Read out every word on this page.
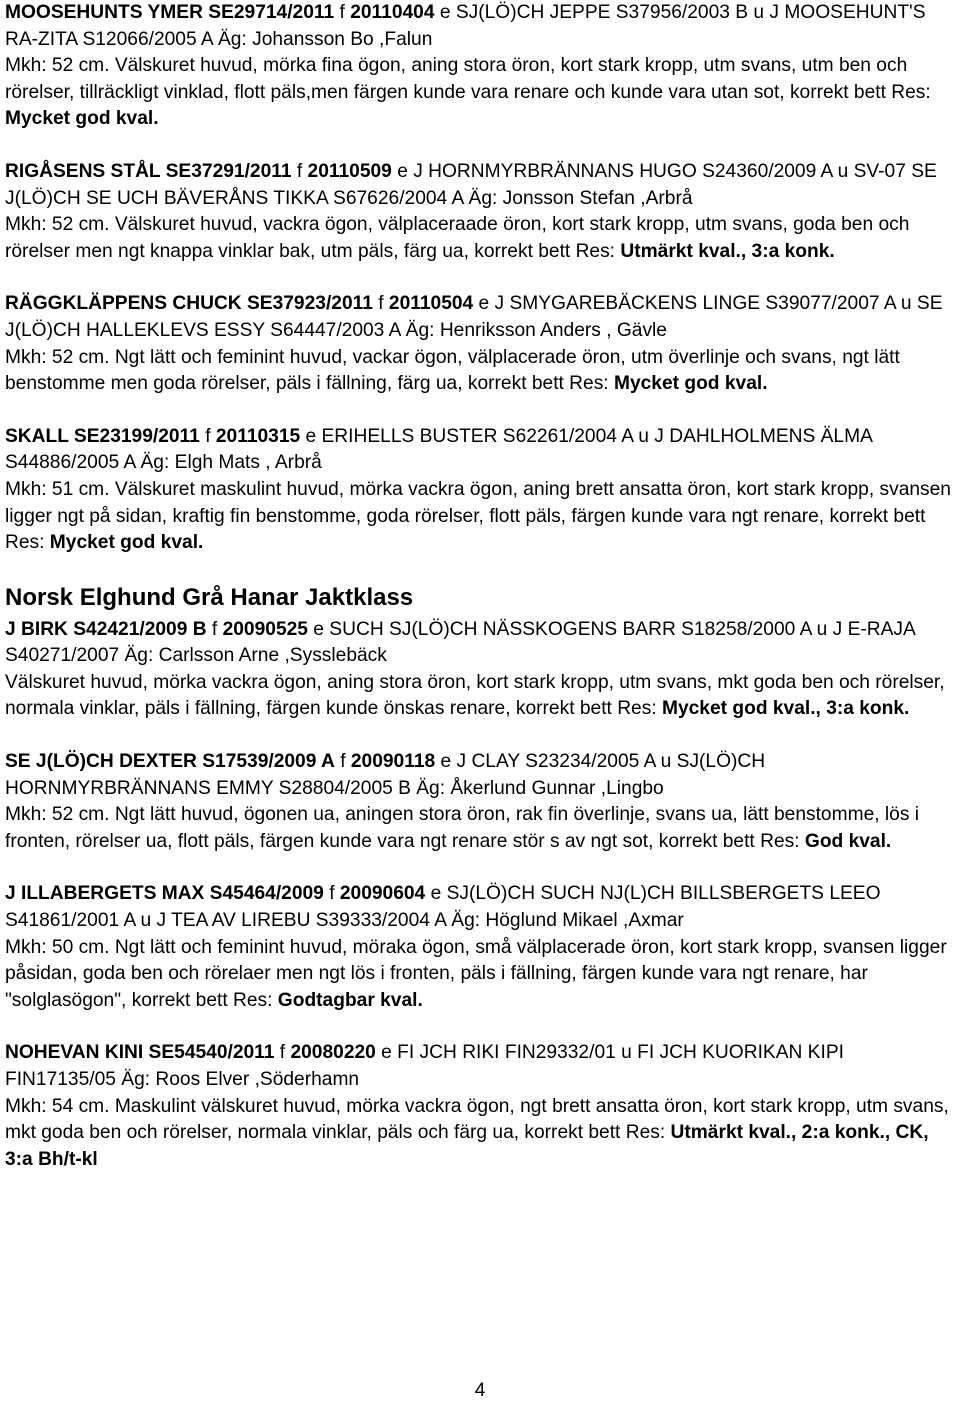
MOOSEHUNTS YMER SE29714/2011 f 20110404 e SJ(LÖ)CH JEPPE S37956/2003 B u J MOOSEHUNT'S RA-ZITA S12066/2005 A Äg: Johansson Bo ,Falun

Mkh: 52 cm. Välskuret huvud, mörka fina ögon, aning stora öron, kort stark kropp, utm svans, utm ben och rörelser, tillräckligt vinklad, flott päls,men färgen kunde vara renare och kunde vara utan sot, korrekt bett Res: Mycket god kval.

RIGÅSENS STÅL SE37291/2011 f 20110509 e J HORNMYRBRÄNNANS HUGO S24360/2009 A u SV-07 SE J(LÖ)CH SE UCH BÄVERÅNS TIKKA S67626/2004 A Äg: Jonsson Stefan ,Arbrå

Mkh: 52 cm. Välskuret huvud, vackra ögon, välplaceraade öron, kort stark kropp, utm svans, goda ben och rörelser men ngt knappa vinklar bak, utm päls, färg ua, korrekt bett Res: Utmärkt kval., 3:a konk.

RÄGGKLÄPPENS CHUCK SE37923/2011 f 20110504 e J SMYGAREBÄCKENS LINGE S39077/2007 A u SE J(LÖ)CH HALLEKLEVS ESSY S64447/2003 A Äg: Henriksson Anders , Gävle

Mkh: 52 cm. Ngt lätt och feminint huvud, vackar ögon, välplacerade öron, utm överlinje och svans, ngt lätt benstomme men goda rörelser, päls i fällning, färg ua, korrekt bett Res: Mycket god kval.

SKALL SE23199/2011 f 20110315 e ERIHELLS BUSTER S62261/2004 A u J DAHLHOLMENS ÄLMA S44886/2005 A Äg: Elgh Mats , Arbrå

Mkh: 51 cm. Välskuret maskulint huvud, mörka vackra ögon, aning brett ansatta öron, kort stark kropp, svansen ligger ngt på sidan, kraftig fin benstomme, goda rörelser, flott päls, färgen kunde vara ngt renare, korrekt bett Res: Mycket god kval.

Norsk Elghund Grå Hanar Jaktklass

J BIRK S42421/2009 B f 20090525 e SUCH SJ(LÖ)CH NÄSSKOGENS BARR S18258/2000 A u J E-RAJA S40271/2007 Äg: Carlsson Arne ,Sysslebäck

Välskuret huvud, mörka vackra ögon, aning stora öron, kort stark kropp, utm svans, mkt goda ben och rörelser, normala vinklar, päls i fällning, färgen kunde önskas renare, korrekt bett Res: Mycket god kval., 3:a konk.

SE J(LÖ)CH DEXTER S17539/2009 A f 20090118 e J CLAY S23234/2005 A u SJ(LÖ)CH HORNMYRBRÄNNANS EMMY S28804/2005 B Äg: Åkerlund Gunnar ,Lingbo

Mkh: 52 cm. Ngt lätt huvud, ögonen ua, aningen stora öron, rak fin överlinje, svans ua, lätt benstomme, lös i fronten, rörelser ua, flott päls, färgen kunde vara ngt renare stör s av ngt sot, korrekt bett Res: God kval.

J ILLABERGETS MAX S45464/2009 f 20090604 e SJ(LÖ)CH SUCH NJ(L)CH BILLSBERGETS LEEO S41861/2001 A u J TEA AV LIREBU S39333/2004 A Äg: Höglund Mikael ,Axmar

Mkh: 50 cm. Ngt lätt och feminint huvud, möraka ögon, små välplacerade öron, kort stark kropp, svansen ligger påsidan, goda ben och rörelaer men ngt lös i fronten, päls i fällning, färgen kunde vara ngt renare, har "solglasögon", korrekt bett Res: Godtagbar kval.

NOHEVAN KINI SE54540/2011 f 20080220 e FI JCH RIKI FIN29332/01 u FI JCH KUORIKAN KIPI FIN17135/05 Äg: Roos Elver ,Söderhamn

Mkh: 54 cm. Maskulint välskuret huvud, mörka vackra ögon, ngt brett ansatta öron, kort stark kropp, utm svans, mkt goda ben och rörelser, normala vinklar, päls och färg ua, korrekt bett Res: Utmärkt kval., 2:a konk., CK, 3:a Bh/t-kl

4
